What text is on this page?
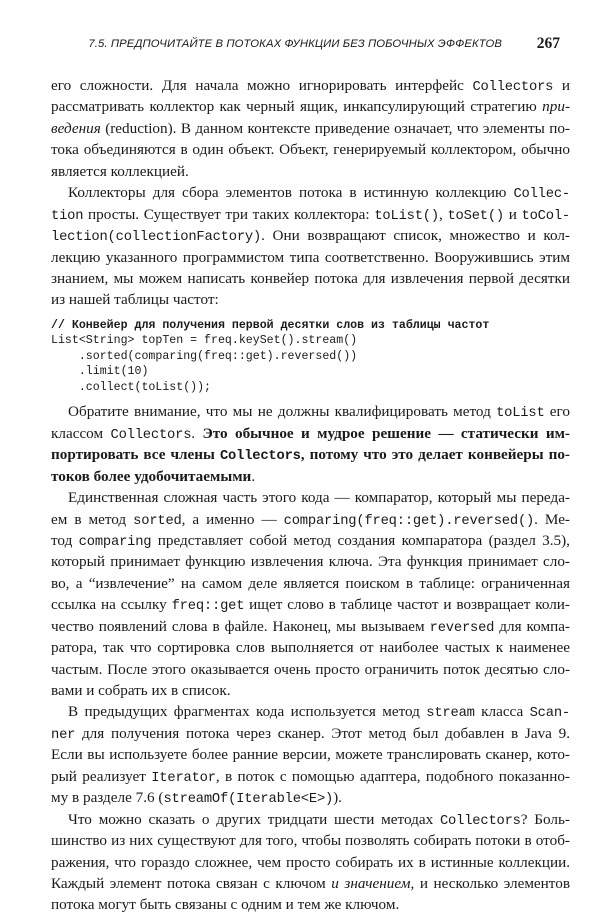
7.5. ПРЕДПОЧИТАЙТЕ В ПОТОКАХ ФУНКЦИИ БЕЗ ПОБОЧНЫХ ЭФФЕКТОВ 267
его сложности. Для начала можно игнорировать интерфейс Collectors и
рассматривать коллектор как черный ящик, инкапсулирующий стратегию при-
ведения (reduction). В данном контексте приведение означает, что элементы по-
тока объединяются в один объект. Объект, генерируемый коллектором, обычно
является коллекцией.
Коллекторы для сбора элементов потока в истинную коллекцию Collec-
tion просты. Существует три таких коллектора: toList(), toSet() и toCol-
lection(collectionFactory). Они возвращают список, множество и кол-
лекцию указанного программистом типа соответственно. Вооружившись этим
знанием, мы можем написать конвейер потока для извлечения первой десятки
из нашей таблицы частот:
// Конвейер для получения первой десятки слов из таблицы частот
List<String> topTen = freq.keySet().stream()
.sorted(comparing(freq::get).reversed())
.limit(10)
.collect(toList());
Обратите внимание, что мы не должны квалифицировать метод toList его
классом Collectors. Это обычное и мудрое решение — статически им-
портировать все члены Collectors, потому что это делает конвейеры по-
токов более удобочитаемыми.
Единственная сложная часть этого кода — компаратор, который мы переда-
ем в метод sorted, а именно — comparing(freq::get).reversed(). Ме-
тод comparing представляет собой метод создания компаратора (раздел 3.5),
который принимает функцию извлечения ключа. Эта функция принимает сло-
во, а “извлечение” на самом деле является поиском в таблице: ограниченная
ссылка на ссылку freq::get ищет слово в таблице частот и возвращает коли-
чество появлений слова в файле. Наконец, мы вызываем reversed для компа-
ратора, так что сортировка слов выполняется от наиболее частых к наименее
частым. После этого оказывается очень просто ограничить поток десятью сло-
вами и собрать их в список.
В предыдущих фрагментах кода используется метод stream класса Scan-
ner для получения потока через сканер. Этот метод был добавлен в Java 9.
Если вы используете более ранние версии, можете транслировать сканер, кото-
рый реализует Iterator, в поток с помощью адаптера, подобного показанно-
му в разделе 7.6 (streamOf(Iterable<E>)).
Что можно сказать о других тридцати шести методах Collectors? Боль-
шинство из них существуют для того, чтобы позволять собирать потоки в отоб-
ражения, что гораздо сложнее, чем просто собирать их в истинные коллекции.
Каждый элемент потока связан с ключом и значением, и несколько элементов
потока могут быть связаны с одним и тем же ключом.
